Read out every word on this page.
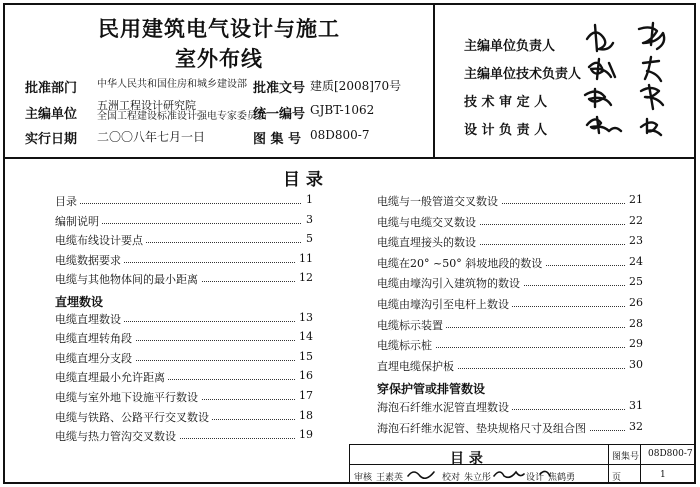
民用建筑电气设计与施工
室外布线
批准部门 中华人民共和国住房和城乡建设部 批准文号 建质[2008]70号
主编单位
五洲工程设计研究院
全国工程建设标准设计强电专家委员会
统一编号 GJBT-1062
实行日期 二〇〇八年七月一日	图 集 号 08D800-7
主编单位负责人
主编单位技术负责人
技 术 审 定 人
设 计 负 责 人
目 录
目录	1
编制说明	3
电缆布线设计要点	5
电缆数据要求	11
电缆与其他物体间的最小距离	12
直埋数设
电缆直埋数设	13
电缆直埋转角段	14
电缆直埋分支段	15
电缆直埋最小允许距离	16
电缆与室外地下设施平行数设	17
电缆与铁路、公路平行交叉数设	18
电缆与热力管沟交叉数设	19
电缆与一般管道交叉数设	21
电缆与电缆交叉数设	22
电缆直埋接头的数设	23
电缆在20° ~50° 斜坡地段的数设	24
电缆由壕沟引入建筑物的数设	25
电缆由壕沟引至电杆上数设	26
电缆标示装置	28
电缆标示桩	29
直埋电缆保护板	30
穿保护管或排管数设
海泡石纤维水泥管直埋数设	31
海泡石纤维水泥管、垫块规格尺寸及组合图	32
目 录	图集号 08D800-7
页	1
审核 王素英	校对 朱立彤	设计 焦鹤勇
